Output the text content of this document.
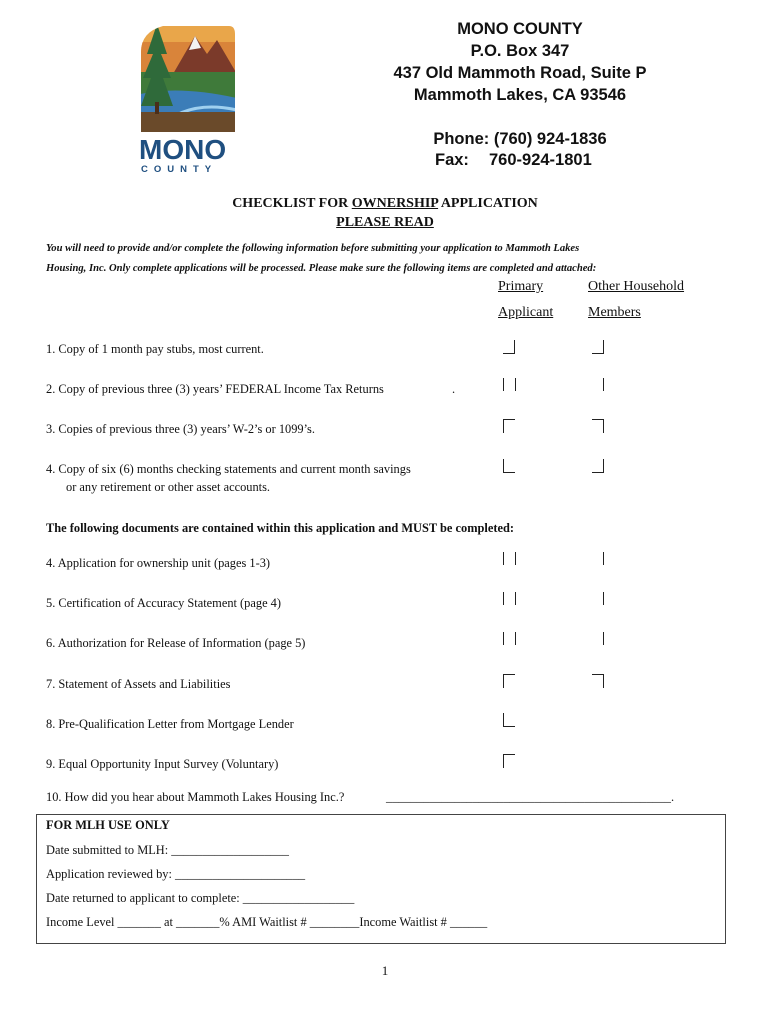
MONO
COUNTY
MONO COUNTY
P.O. Box 347
437 Old Mammoth Road, Suite P
Mammoth Lakes, CA 93546
Phone: (760) 924-1836
Fax: 760-924-1801
CHECKLIST FOR OWNERSHIP APPLICATION
PLEASE READ
You will need to provide and/or complete the following information before submitting your application to Mammoth Lakes
Housing, Inc. Only complete applications will be processed. Please make sure the following items are completed and attached:
Primary
Applicant
Other Household
Members
1. Copy of 1 month pay stubs, most current.
2. Copy of previous three (3) years’ FEDERAL Income Tax Returns	.
3. Copies of previous three (3) years’ W-2’s or 1099’s.
4. Copy of six (6) months checking statements and current month savings
or any retirement or other asset accounts.
The following documents are contained within this application and MUST be completed:
4. Application for ownership unit (pages 1-3)
5. Certification of Accuracy Statement (page 4)
6. Authorization for Release of Information (page 5)
7. Statement of Assets and Liabilities
8. Pre-Qualification Letter from Mortgage Lender
9. Equal Opportunity Input Survey (Voluntary)
10. How did you hear about Mammoth Lakes Housing Inc.?	______________________________________________.
FOR MLH USE ONLY
Date submitted to MLH: ___________________
Application reviewed by: _____________________
Date returned to applicant to complete: __________________
Income Level _______ at _______% AMI Waitlist # ________Income Waitlist # ______
1
